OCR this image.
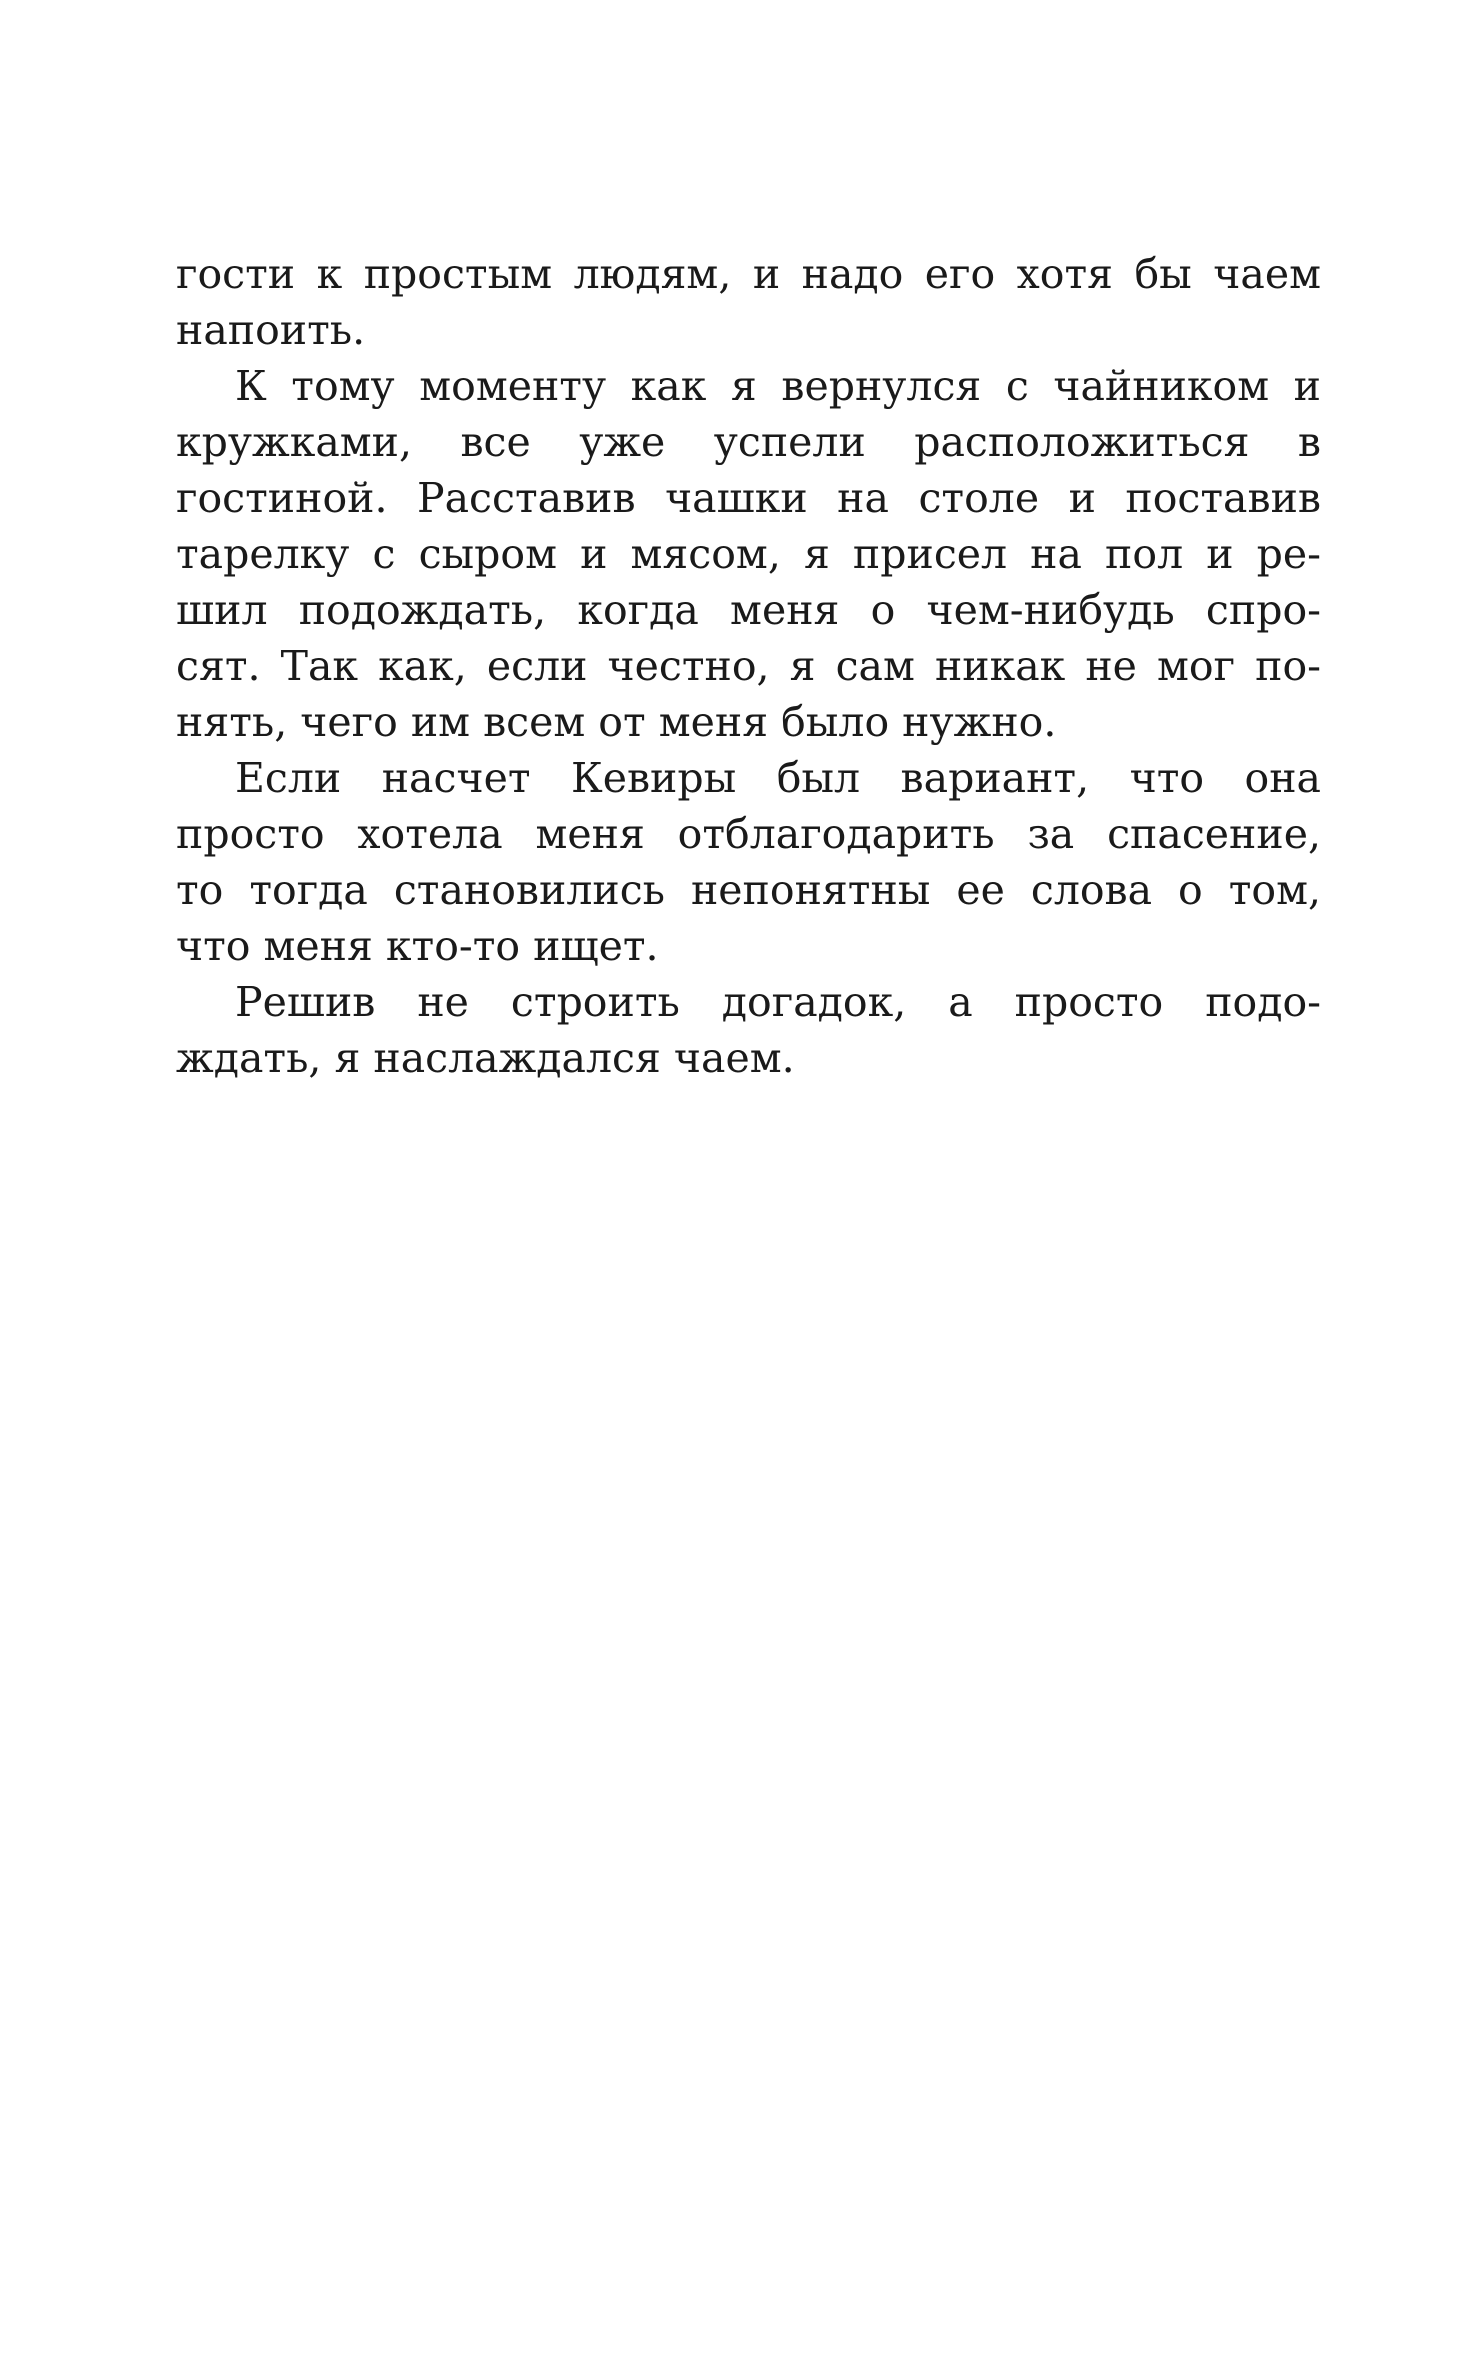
гости к простым людям, и надо его хотя бы чаем
напоить.
К тому моменту как я вернулся с чайником и
кружками, все уже успели расположиться в
гостиной. Расставив чашки на столе и поставив
тарелку с сыром и мясом, я присел на пол и ре-
шил подождать, когда меня о чем-нибудь спро-
сят. Так как, если честно, я сам никак не мог по-
нять, чего им всем от меня было нужно.
Если насчет Кевиры был вариант, что она
просто хотела меня отблагодарить за спасение,
то тогда становились непонятны ее слова о том,
что меня кто-то ищет.
Решив не строить догадок, а просто подо-
ждать, я наслаждался чаем.
